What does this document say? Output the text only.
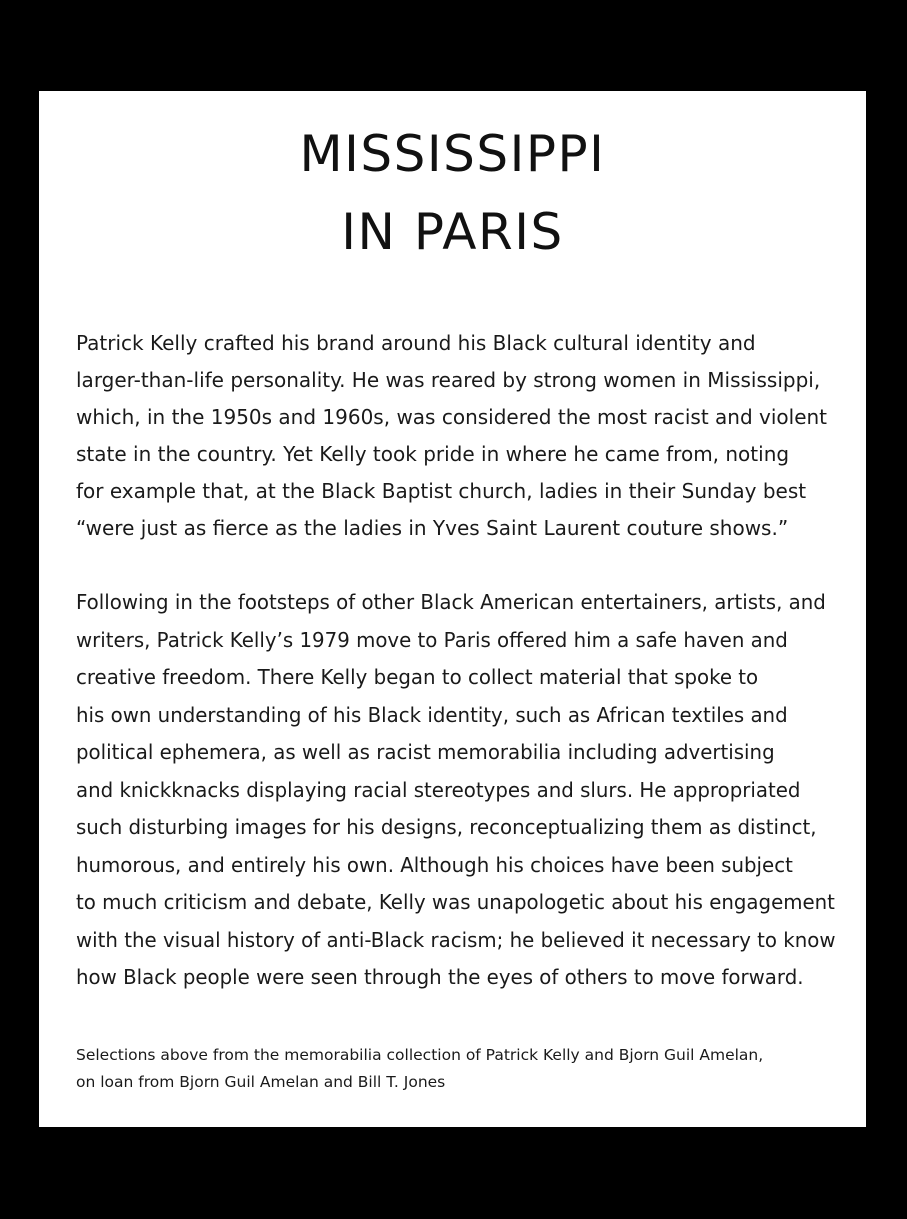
MISSISSIPPI
IN PARIS
Patrick Kelly crafted his brand around his Black cultural identity and
larger-than-life personality. He was reared by strong women in Mississippi,
which, in the 1950s and 1960s, was considered the most racist and violent
state in the country. Yet Kelly took pride in where he came from, noting
for example that, at the Black Baptist church, ladies in their Sunday best
“were just as fierce as the ladies in Yves Saint Laurent couture shows.”
Following in the footsteps of other Black American entertainers, artists, and
writers, Patrick Kelly’s 1979 move to Paris offered him a safe haven and
creative freedom. There Kelly began to collect material that spoke to
his own understanding of his Black identity, such as African textiles and
political ephemera, as well as racist memorabilia including advertising
and knickknacks displaying racial stereotypes and slurs. He appropriated
such disturbing images for his designs, reconceptualizing them as distinct,
humorous, and entirely his own. Although his choices have been subject
to much criticism and debate, Kelly was unapologetic about his engagement
with the visual history of anti-Black racism; he believed it necessary to know
how Black people were seen through the eyes of others to move forward.
Selections above from the memorabilia collection of Patrick Kelly and Bjorn Guil Amelan,
on loan from Bjorn Guil Amelan and Bill T. Jones
